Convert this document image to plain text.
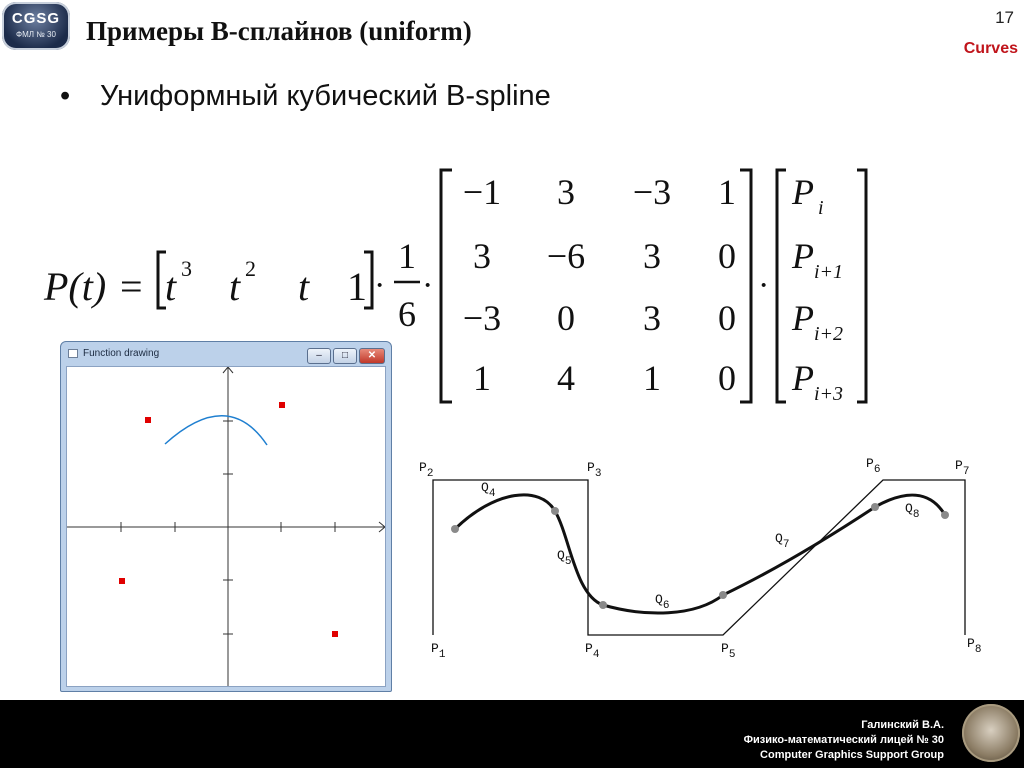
CGSG
ФМЛ № 30	Примеры B-сплайнов (uniform)	17
Curves
• Униформный кубический B-spline
P(t) = t 3 t 2 t 1 ·
1
6
·
−1 3 −3 1
3 −6 3 0
−3 0 3 0
1 4 1 0
·
P i
P i+1
P i+2
P i+3
Function drawing	–	□	✕
$P_1$
$P_2$	$P_3$
$P_4$	$P_5$
$P_6$	$P_7$
$P_8$
$Q_4$
$Q_5$
$Q_6$
$Q_7$
$Q_8$
Галинский В.А.
Физико-математический лицей № 30
Computer Graphics Support Group
